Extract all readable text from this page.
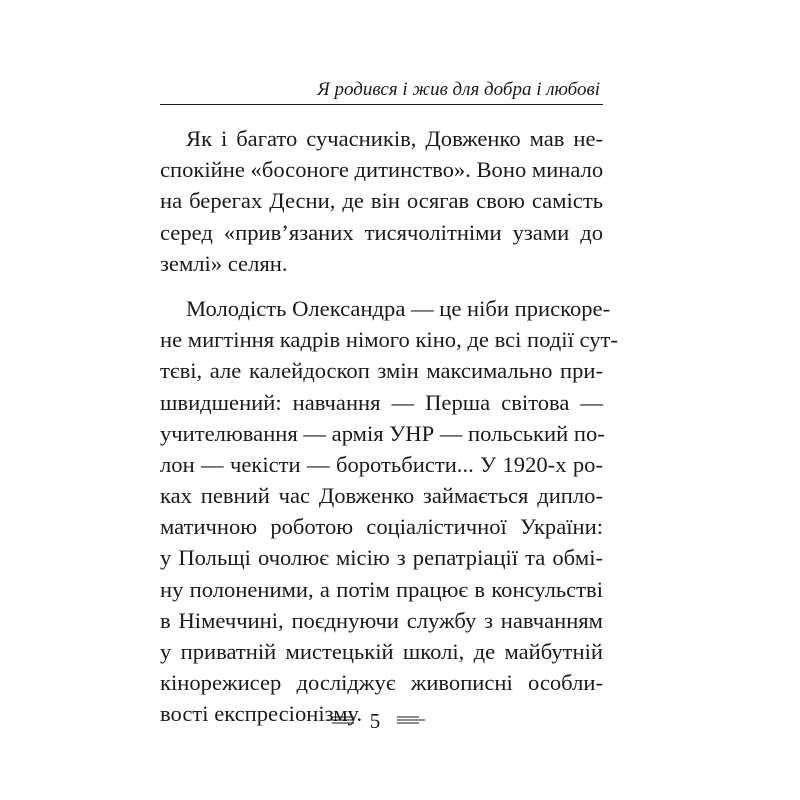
Я родився і жив для добра і любові
Як і багато сучасників, Довженко мав не-
спокійне «босоноге дитинство». Воно минало
на берегах Десни, де він осягав свою самість
серед «прив’язаних тисячолітніми узами до
землі» селян.
Молодість Олександра — це ніби прискоре-
не мигтіння кадрів німого кіно, де всі події сут-
тєві, але калейдоскоп змін максимально при-
швидшений: навчання — Перша світова —
учителювання — армія УНР — польський по-
лон — чекісти — боротьбисти... У 1920-х ро-
ках певний час Довженко займається дипло-
матичною роботою соціалістичної України:
у Польщі очолює місію з репатріації та обмі-
ну полоненими, а потім працює в консульстві
в Німеччині, поєднуючи службу з навчанням
у приватній мистецькій школі, де майбутній
кінорежисер досліджує живописні особли-
вості експресіонізму. 5
